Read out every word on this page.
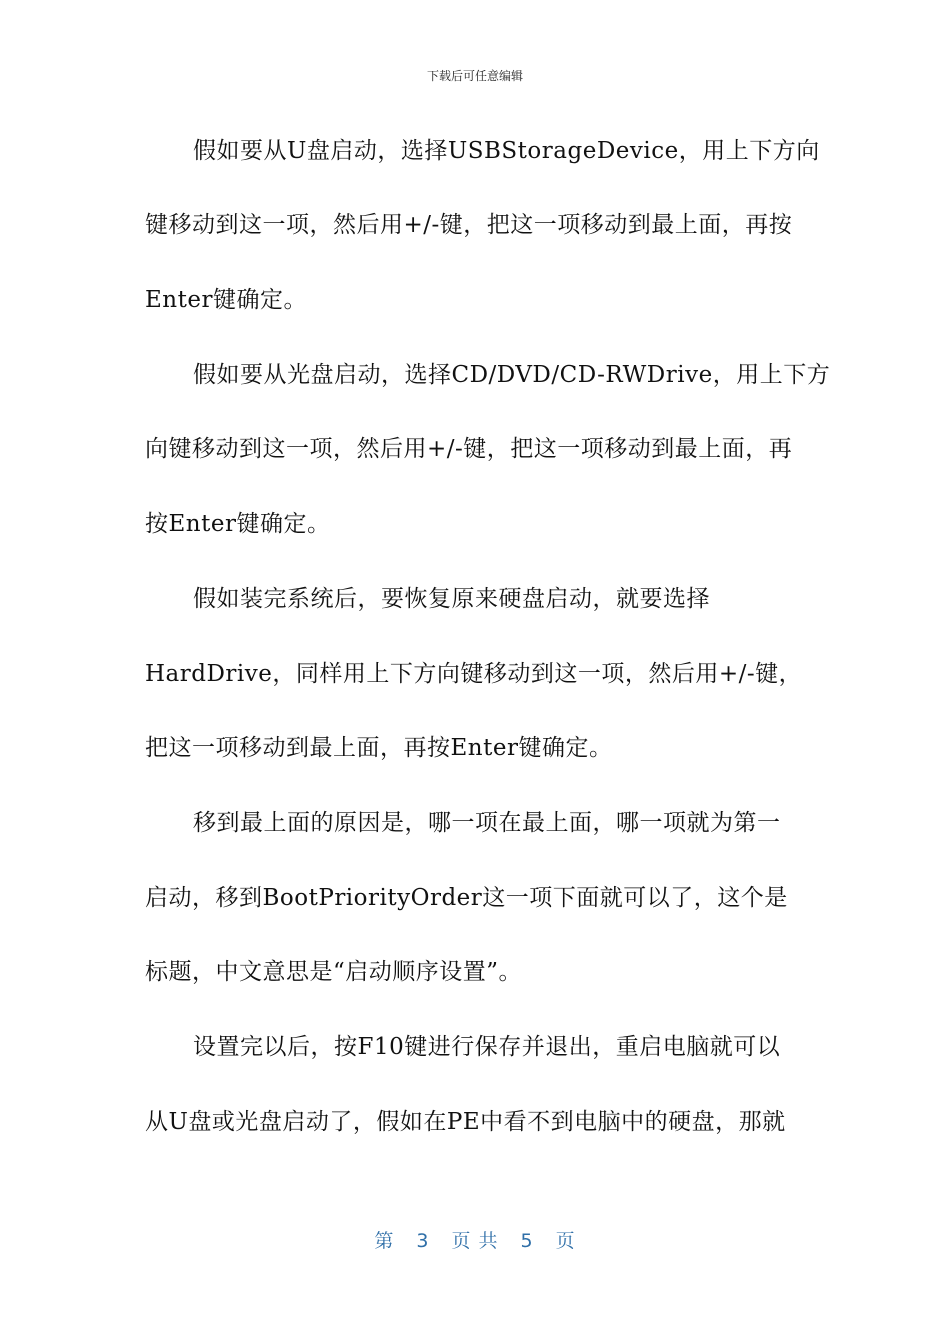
下载后可任意编辑
假如要从U盘启动，选择USBStorageDevice，用上下方向
键移动到这一项，然后用+/-键，把这一项移动到最上面，再按
Enter键确定。
假如要从光盘启动，选择CD/DVD/CD-RWDrive，用上下方
向键移动到这一项，然后用+/-键，把这一项移动到最上面，再
按Enter键确定。
假如装完系统后，要恢复原来硬盘启动，就要选择
HardDrive，同样用上下方向键移动到这一项，然后用+/-键，
把这一项移动到最上面，再按Enter键确定。
移到最上面的原因是，哪一项在最上面，哪一项就为第一
启动，移到BootPriorityOrder这一项下面就可以了，这个是
标题，中文意思是“启动顺序设置”。
设置完以后，按F10键进行保存并退出，重启电脑就可以
从U盘或光盘启动了，假如在PE中看不到电脑中的硬盘，那就
第 3 页 共 5 页
